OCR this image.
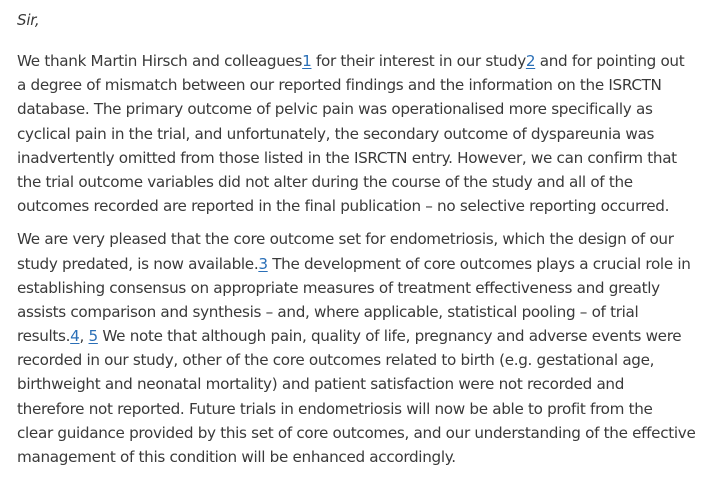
Sir,
We thank Martin Hirsch and colleagues1 for their interest in our study2 and for pointing out
a degree of mismatch between our reported findings and the information on the ISRCTN
database. The primary outcome of pelvic pain was operationalised more specifically as
cyclical pain in the trial, and unfortunately, the secondary outcome of dyspareunia was
inadvertently omitted from those listed in the ISRCTN entry. However, we can confirm that
the trial outcome variables did not alter during the course of the study and all of the
outcomes recorded are reported in the final publication – no selective reporting occurred.
We are very pleased that the core outcome set for endometriosis, which the design of our
study predated, is now available.3 The development of core outcomes plays a crucial role in
establishing consensus on appropriate measures of treatment effectiveness and greatly
assists comparison and synthesis – and, where applicable, statistical pooling – of trial
results.4, 5 We note that although pain, quality of life, pregnancy and adverse events were
recorded in our study, other of the core outcomes related to birth (e.g. gestational age,
birthweight and neonatal mortality) and patient satisfaction were not recorded and
therefore not reported. Future trials in endometriosis will now be able to profit from the
clear guidance provided by this set of core outcomes, and our understanding of the effective
management of this condition will be enhanced accordingly.
